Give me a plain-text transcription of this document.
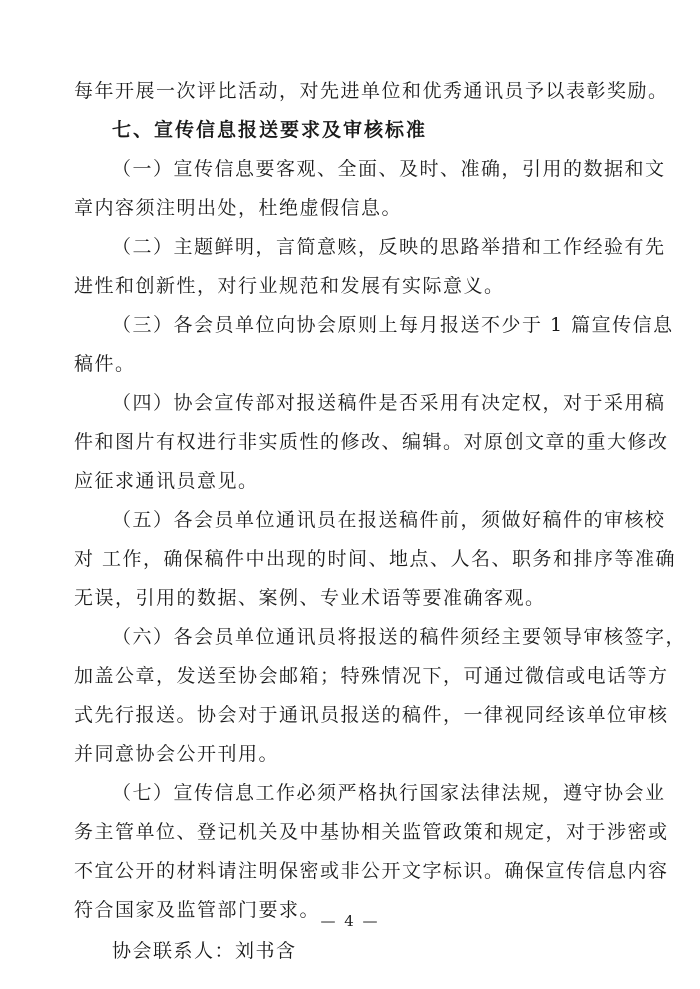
每年开展一次评比活动，对先进单位和优秀通讯员予以表彰奖励。
七、宣传信息报送要求及审核标准
（一）宣传信息要客观、全面、及时、准确，引用的数据和文
章内容须注明出处，杜绝虚假信息。
（二）主题鲜明，言简意赅，反映的思路举措和工作经验有先
进性和创新性，对行业规范和发展有实际意义。
（三）各会员单位向协会原则上每月报送不少于 1 篇宣传信息
稿件。
（四）协会宣传部对报送稿件是否采用有决定权，对于采用稿
件和图片有权进行非实质性的修改、编辑。对原创文章的重大修改
应征求通讯员意见。
（五）各会员单位通讯员在报送稿件前，须做好稿件的审核校
对 工作，确保稿件中出现的时间、地点、人名、职务和排序等准确
无误，引用的数据、案例、专业术语等要准确客观。
（六）各会员单位通讯员将报送的稿件须经主要领导审核签字，
加盖公章，发送至协会邮箱；特殊情况下，可通过微信或电话等方
式先行报送。协会对于通讯员报送的稿件，一律视同经该单位审核
并同意协会公开刊用。
（七）宣传信息工作必须严格执行国家法律法规，遵守协会业
务主管单位、登记机关及中基协相关监管政策和规定，对于涉密或
不宜公开的材料请注明保密或非公开文字标识。确保宣传信息内容
符合国家及监管部门要求。
协会联系人：刘书含
— 4 —
